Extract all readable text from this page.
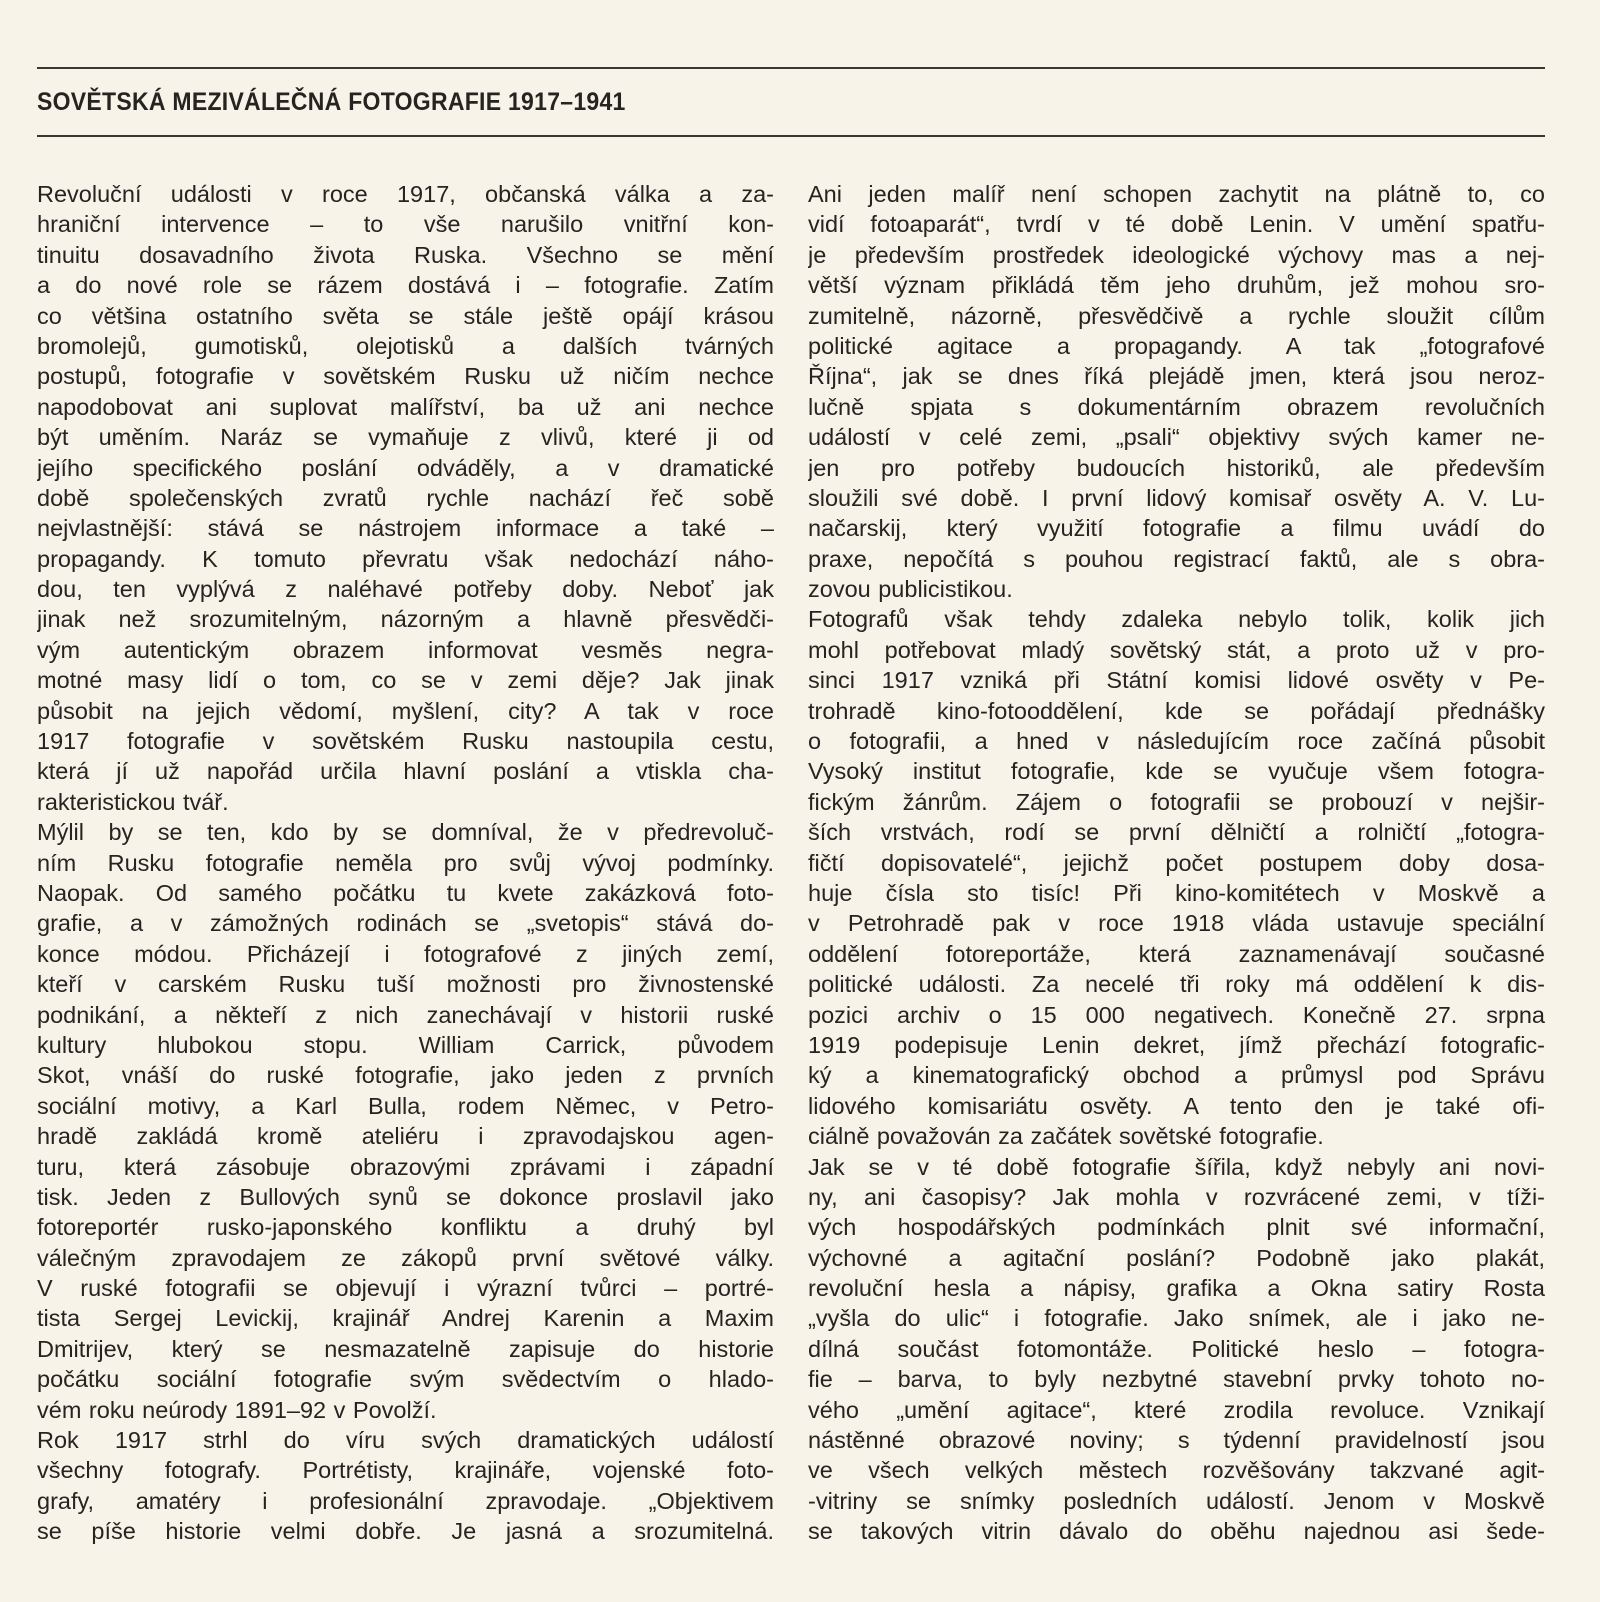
SOVĚTSKÁ MEZIVÁLEČNÁ FOTOGRAFIE 1917–1941
Revoluční události v roce 1917, občanská válka a za-
hraniční intervence – to vše narušilo vnitřní kon-
tinuitu dosavadního života Ruska. Všechno se mění
a do nové role se rázem dostává i – fotografie. Zatím
co většina ostatního světa se stále ještě opájí krásou
bromolejů, gumotisků, olejotisků a dalších tvárných
postupů, fotografie v sovětském Rusku už ničím nechce
napodobovat ani suplovat malířství, ba už ani nechce
být uměním. Naráz se vymaňuje z vlivů, které ji od
jejího specifického poslání odváděly, a v dramatické
době společenských zvratů rychle nachází řeč sobě
nejvlastnější: stává se nástrojem informace a také –
propagandy. K tomuto převratu však nedochází náho-
dou, ten vyplývá z naléhavé potřeby doby. Neboť jak
jinak než srozumitelným, názorným a hlavně přesvědči-
vým autentickým obrazem informovat vesměs negra-
motné masy lidí o tom, co se v zemi děje? Jak jinak
působit na jejich vědomí, myšlení, city? A tak v roce
1917 fotografie v sovětském Rusku nastoupila cestu,
která jí už napořád určila hlavní poslání a vtiskla cha-
rakteristickou tvář.
Mýlil by se ten, kdo by se domníval, že v předrevoluč-
ním Rusku fotografie neměla pro svůj vývoj podmínky.
Naopak. Od samého počátku tu kvete zakázková foto-
grafie, a v zámožných rodinách se „svetopis“ stává do-
konce módou. Přicházejí i fotografové z jiných zemí,
kteří v carském Rusku tuší možnosti pro živnostenské
podnikání, a někteří z nich zanechávají v historii ruské
kultury hlubokou stopu. William Carrick, původem
Skot, vnáší do ruské fotografie, jako jeden z prvních
sociální motivy, a Karl Bulla, rodem Němec, v Petro-
hradě zakládá kromě ateliéru i zpravodajskou agen-
turu, která zásobuje obrazovými zprávami i západní
tisk. Jeden z Bullových synů se dokonce proslavil jako
fotoreportér rusko-japonského konfliktu a druhý byl
válečným zpravodajem ze zákopů první světové války.
V ruské fotografii se objevují i výrazní tvůrci – portré-
tista Sergej Levickij, krajinář Andrej Karenin a Maxim
Dmitrijev, který se nesmazatelně zapisuje do historie
počátku sociální fotografie svým svědectvím o hlado-
vém roku neúrody 1891–92 v Povolží.
Rok 1917 strhl do víru svých dramatických událostí
všechny fotografy. Portrétisty, krajináře, vojenské foto-
grafy, amatéry i profesionální zpravodaje. „Objektivem
se píše historie velmi dobře. Je jasná a srozumitelná.
Ani jeden malíř není schopen zachytit na plátně to, co
vidí fotoaparát“, tvrdí v té době Lenin. V umění spatřu-
je především prostředek ideologické výchovy mas a nej-
větší význam přikládá těm jeho druhům, jež mohou sro-
zumitelně, názorně, přesvědčivě a rychle sloužit cílům
politické agitace a propagandy. A tak „fotografové
Října“, jak se dnes říká plejádě jmen, která jsou neroz-
lučně spjata s dokumentárním obrazem revolučních
událostí v celé zemi, „psali“ objektivy svých kamer ne-
jen pro potřeby budoucích historiků, ale především
sloužili své době. I první lidový komisař osvěty A. V. Lu-
načarskij, který využití fotografie a filmu uvádí do
praxe, nepočítá s pouhou registrací faktů, ale s obra-
zovou publicistikou.
Fotografů však tehdy zdaleka nebylo tolik, kolik jich
mohl potřebovat mladý sovětský stát, a proto už v pro-
sinci 1917 vzniká při Státní komisi lidové osvěty v Pe-
trohradě kino-fotooddělení, kde se pořádají přednášky
o fotografii, a hned v následujícím roce začíná působit
Vysoký institut fotografie, kde se vyučuje všem fotogra-
fickým žánrům. Zájem o fotografii se probouzí v nejšir-
ších vrstvách, rodí se první dělničtí a rolničtí „fotogra-
fičtí dopisovatelé“, jejichž počet postupem doby dosa-
huje čísla sto tisíc! Při kino-komitétech v Moskvě a
v Petrohradě pak v roce 1918 vláda ustavuje speciální
oddělení fotoreportáže, která zaznamenávají současné
politické události. Za necelé tři roky má oddělení k dis-
pozici archiv o 15 000 negativech. Konečně 27. srpna
1919 podepisuje Lenin dekret, jímž přechází fotografic-
ký a kinematografický obchod a průmysl pod Správu
lidového komisariátu osvěty. A tento den je také ofi-
ciálně považován za začátek sovětské fotografie.
Jak se v té době fotografie šířila, když nebyly ani novi-
ny, ani časopisy? Jak mohla v rozvrácené zemi, v tíži-
vých hospodářských podmínkách plnit své informační,
výchovné a agitační poslání? Podobně jako plakát,
revoluční hesla a nápisy, grafika a Okna satiry Rosta
„vyšla do ulic“ i fotografie. Jako snímek, ale i jako ne-
dílná součást fotomontáže. Politické heslo – fotogra-
fie – barva, to byly nezbytné stavební prvky tohoto no-
vého „umění agitace“, které zrodila revoluce. Vznikají
nástěnné obrazové noviny; s týdenní pravidelností jsou
ve všech velkých městech rozvěšovány takzvané agit-
-vitriny se snímky posledních událostí. Jenom v Moskvě
se takových vitrin dávalo do oběhu najednou asi šede-
